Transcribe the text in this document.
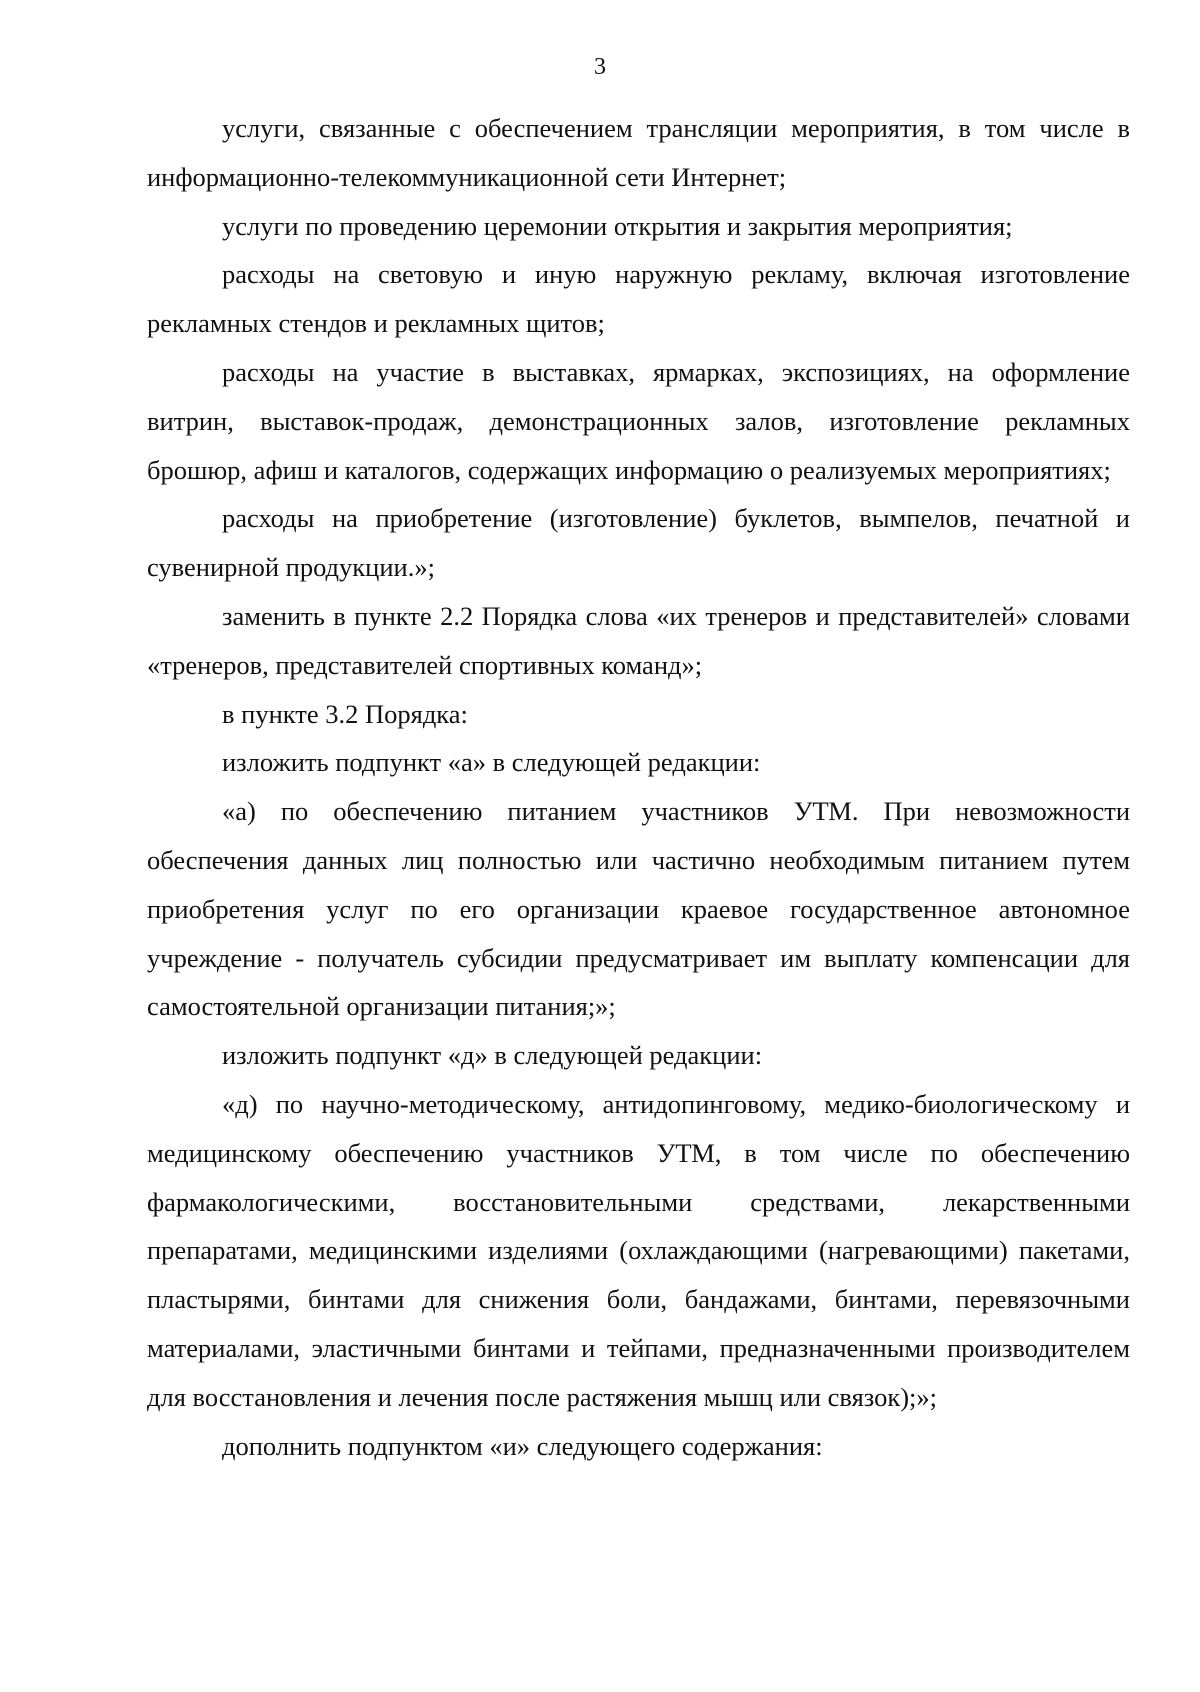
3

услуги, связанные с обеспечением трансляции мероприятия, в том числе в информационно-телекоммуникационной сети Интернет;

услуги по проведению церемонии открытия и закрытия мероприятия;

расходы на световую и иную наружную рекламу, включая изготовление рекламных стендов и рекламных щитов;

расходы на участие в выставках, ярмарках, экспозициях, на оформление витрин, выставок-продаж, демонстрационных залов, изготовление рекламных брошюр, афиш и каталогов, содержащих информацию о реализуемых мероприятиях;

расходы на приобретение (изготовление) буклетов, вымпелов, печатной и сувенирной продукции.»;

заменить в пункте 2.2 Порядка слова «их тренеров и представителей» словами «тренеров, представителей спортивных команд»;

в пункте 3.2 Порядка:

изложить подпункт «а» в следующей редакции:

«а) по обеспечению питанием участников УТМ. При невозможности обеспечения данных лиц полностью или частично необходимым питанием путем приобретения услуг по его организации краевое государственное автономное учреждение - получатель субсидии предусматривает им выплату компенсации для самостоятельной организации питания;»;

изложить подпункт «д» в следующей редакции:

«д) по научно-методическому, антидопинговому, медико-биологическому и медицинскому обеспечению участников УТМ, в том числе по обеспечению фармакологическими, восстановительными средствами, лекарственными препаратами, медицинскими изделиями (охлаждающими (нагревающими) пакетами, пластырями, бинтами для снижения боли, бандажами, бинтами, перевязочными материалами, эластичными бинтами и тейпами, предназначенными производителем для восстановления и лечения после растяжения мышц или связок);»;

дополнить подпунктом «и» следующего содержания:
